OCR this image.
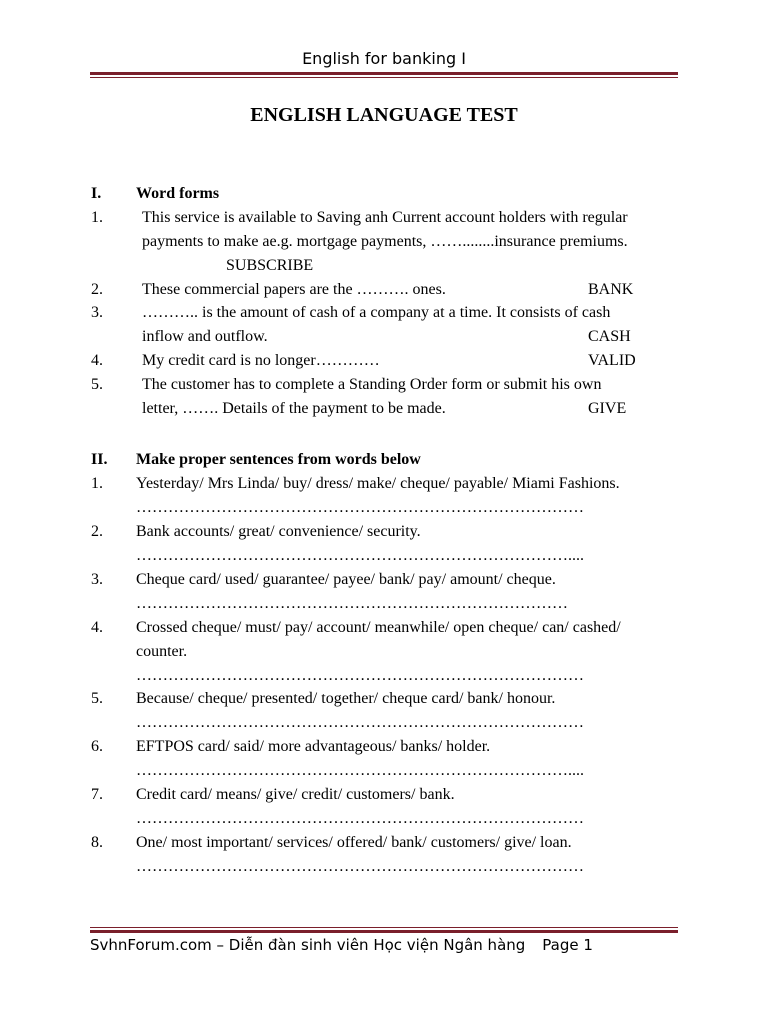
English for banking I
ENGLISH LANGUAGE TEST
I. Word forms
1. This service is available to Saving anh Current account holders with regular
payments to make ae.g. mortgage payments, ……........insurance premiums.
SUBSCRIBE
2. These commercial papers are the ………. ones.	BANK
3. ……….. is the amount of cash of a company at a time. It consists of cash
inflow and outflow.	CASH
4. My credit card is no longer…………	VALID
5. The customer has to complete a Standing Order form or submit his own
letter, ……. Details of the payment to be made.	GIVE
II. Make proper sentences from words below
1. Yesterday/ Mrs Linda/ buy/ dress/ make/ cheque/ payable/ Miami Fashions.
…………………………………………………………………………
2. Bank accounts/ great/ convenience/ security.
………………………………………………………………………....
3. Cheque card/ used/ guarantee/ payee/ bank/ pay/ amount/ cheque.
………………………………………………………………………
4. Crossed cheque/ must/ pay/ account/ meanwhile/ open cheque/ can/ cashed/
counter.
…………………………………………………………………………
5. Because/ cheque/ presented/ together/ cheque card/ bank/ honour.
…………………………………………………………………………
6. EFTPOS card/ said/ more advantageous/ banks/ holder.
………………………………………………………………………....
7. Credit card/ means/ give/ credit/ customers/ bank.
…………………………………………………………………………
8. One/ most important/ services/ offered/ bank/ customers/ give/ loan.
…………………………………………………………………………
SvhnForum.com – Diễn đàn sinh viên Học viện Ngân hàng Page 1
